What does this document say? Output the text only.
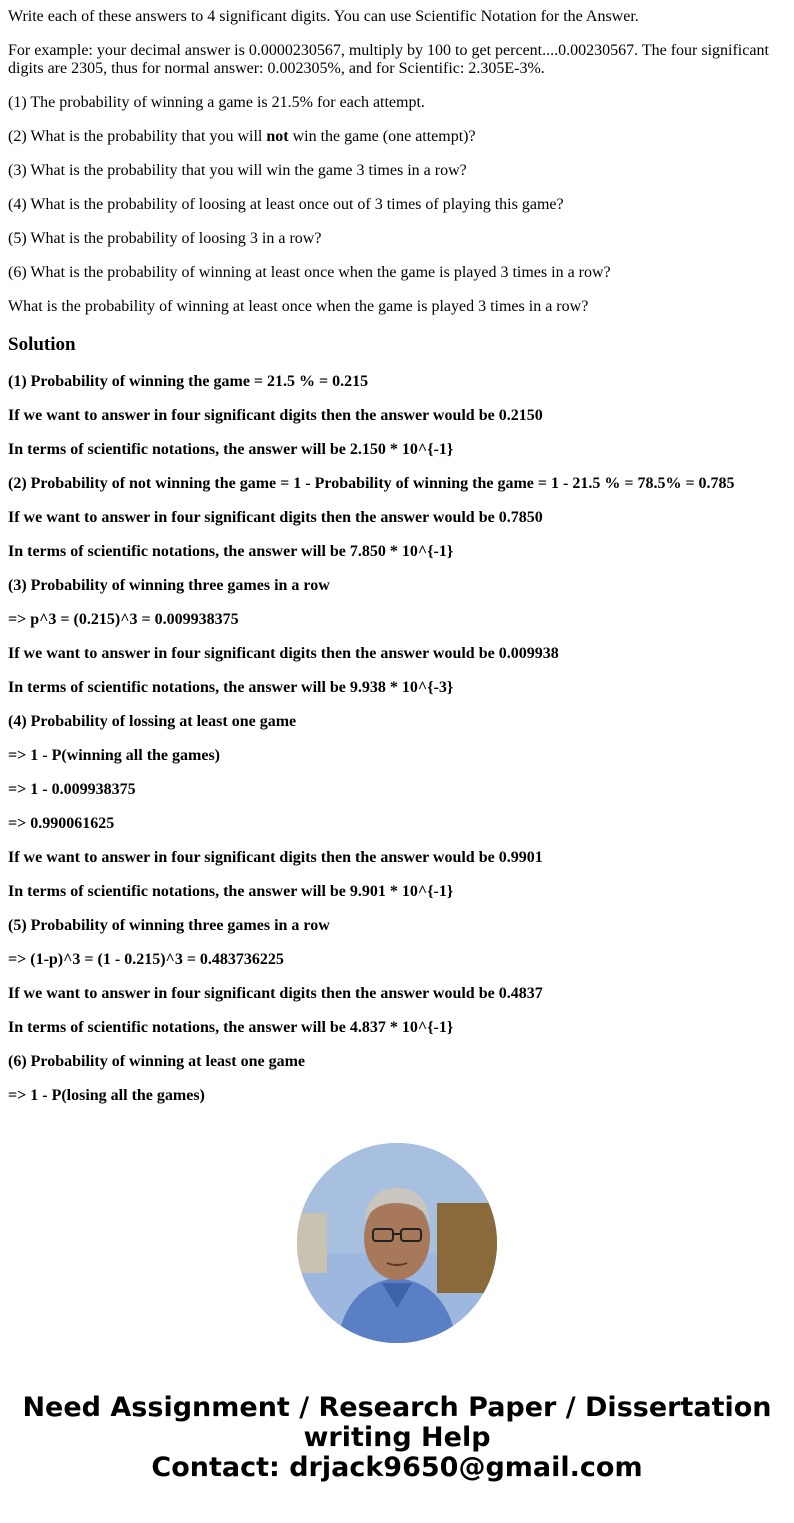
Write each of these answers to 4 significant digits. You can use Scientific Notation for the Answer.

For example: your decimal answer is 0.0000230567, multiply by 100 to get percent....0.00230567. The four significant digits are 2305, thus for normal answer: 0.002305%, and for Scientific: 2.305E-3%.

(1) The probability of winning a game is 21.5% for each attempt.

(2) What is the probability that you will not win the game (one attempt)?

(3) What is the probability that you will win the game 3 times in a row?

(4) What is the probability of loosing at least once out of 3 times of playing this game?

(5) What is the probability of loosing 3 in a row?

(6) What is the probability of winning at least once when the game is played 3 times in a row?

What is the probability of winning at least once when the game is played 3 times in a row?

Solution

(1) Probability of winning the game = 21.5 % = 0.215

If we want to answer in four significant digits then the answer would be 0.2150

In terms of scientific notations, the answer will be 2.150 * 10^{-1}

(2) Probability of not winning the game = 1 - Probability of winning the game = 1 - 21.5 % = 78.5% = 0.785

If we want to answer in four significant digits then the answer would be 0.7850

In terms of scientific notations, the answer will be 7.850 * 10^{-1}

(3) Probability of winning three games in a row

=> p^3 = (0.215)^3 = 0.009938375

If we want to answer in four significant digits then the answer would be 0.009938

In terms of scientific notations, the answer will be 9.938 * 10^{-3}

(4) Probability of lossing at least one game

=> 1 - P(winning all the games)

=> 1 - 0.009938375

=> 0.990061625

If we want to answer in four significant digits then the answer would be 0.9901

In terms of scientific notations, the answer will be 9.901 * 10^{-1}

(5) Probability of winning three games in a row

=> (1-p)^3 = (1 - 0.215)^3 = 0.483736225

If we want to answer in four significant digits then the answer would be 0.4837

In terms of scientific notations, the answer will be 4.837 * 10^{-1}

(6) Probability of winning at least one game

=> 1 - P(losing all the games)

Need Assignment / Research Paper / Dissertation
writing Help
Contact: drjack9650@gmail.com
